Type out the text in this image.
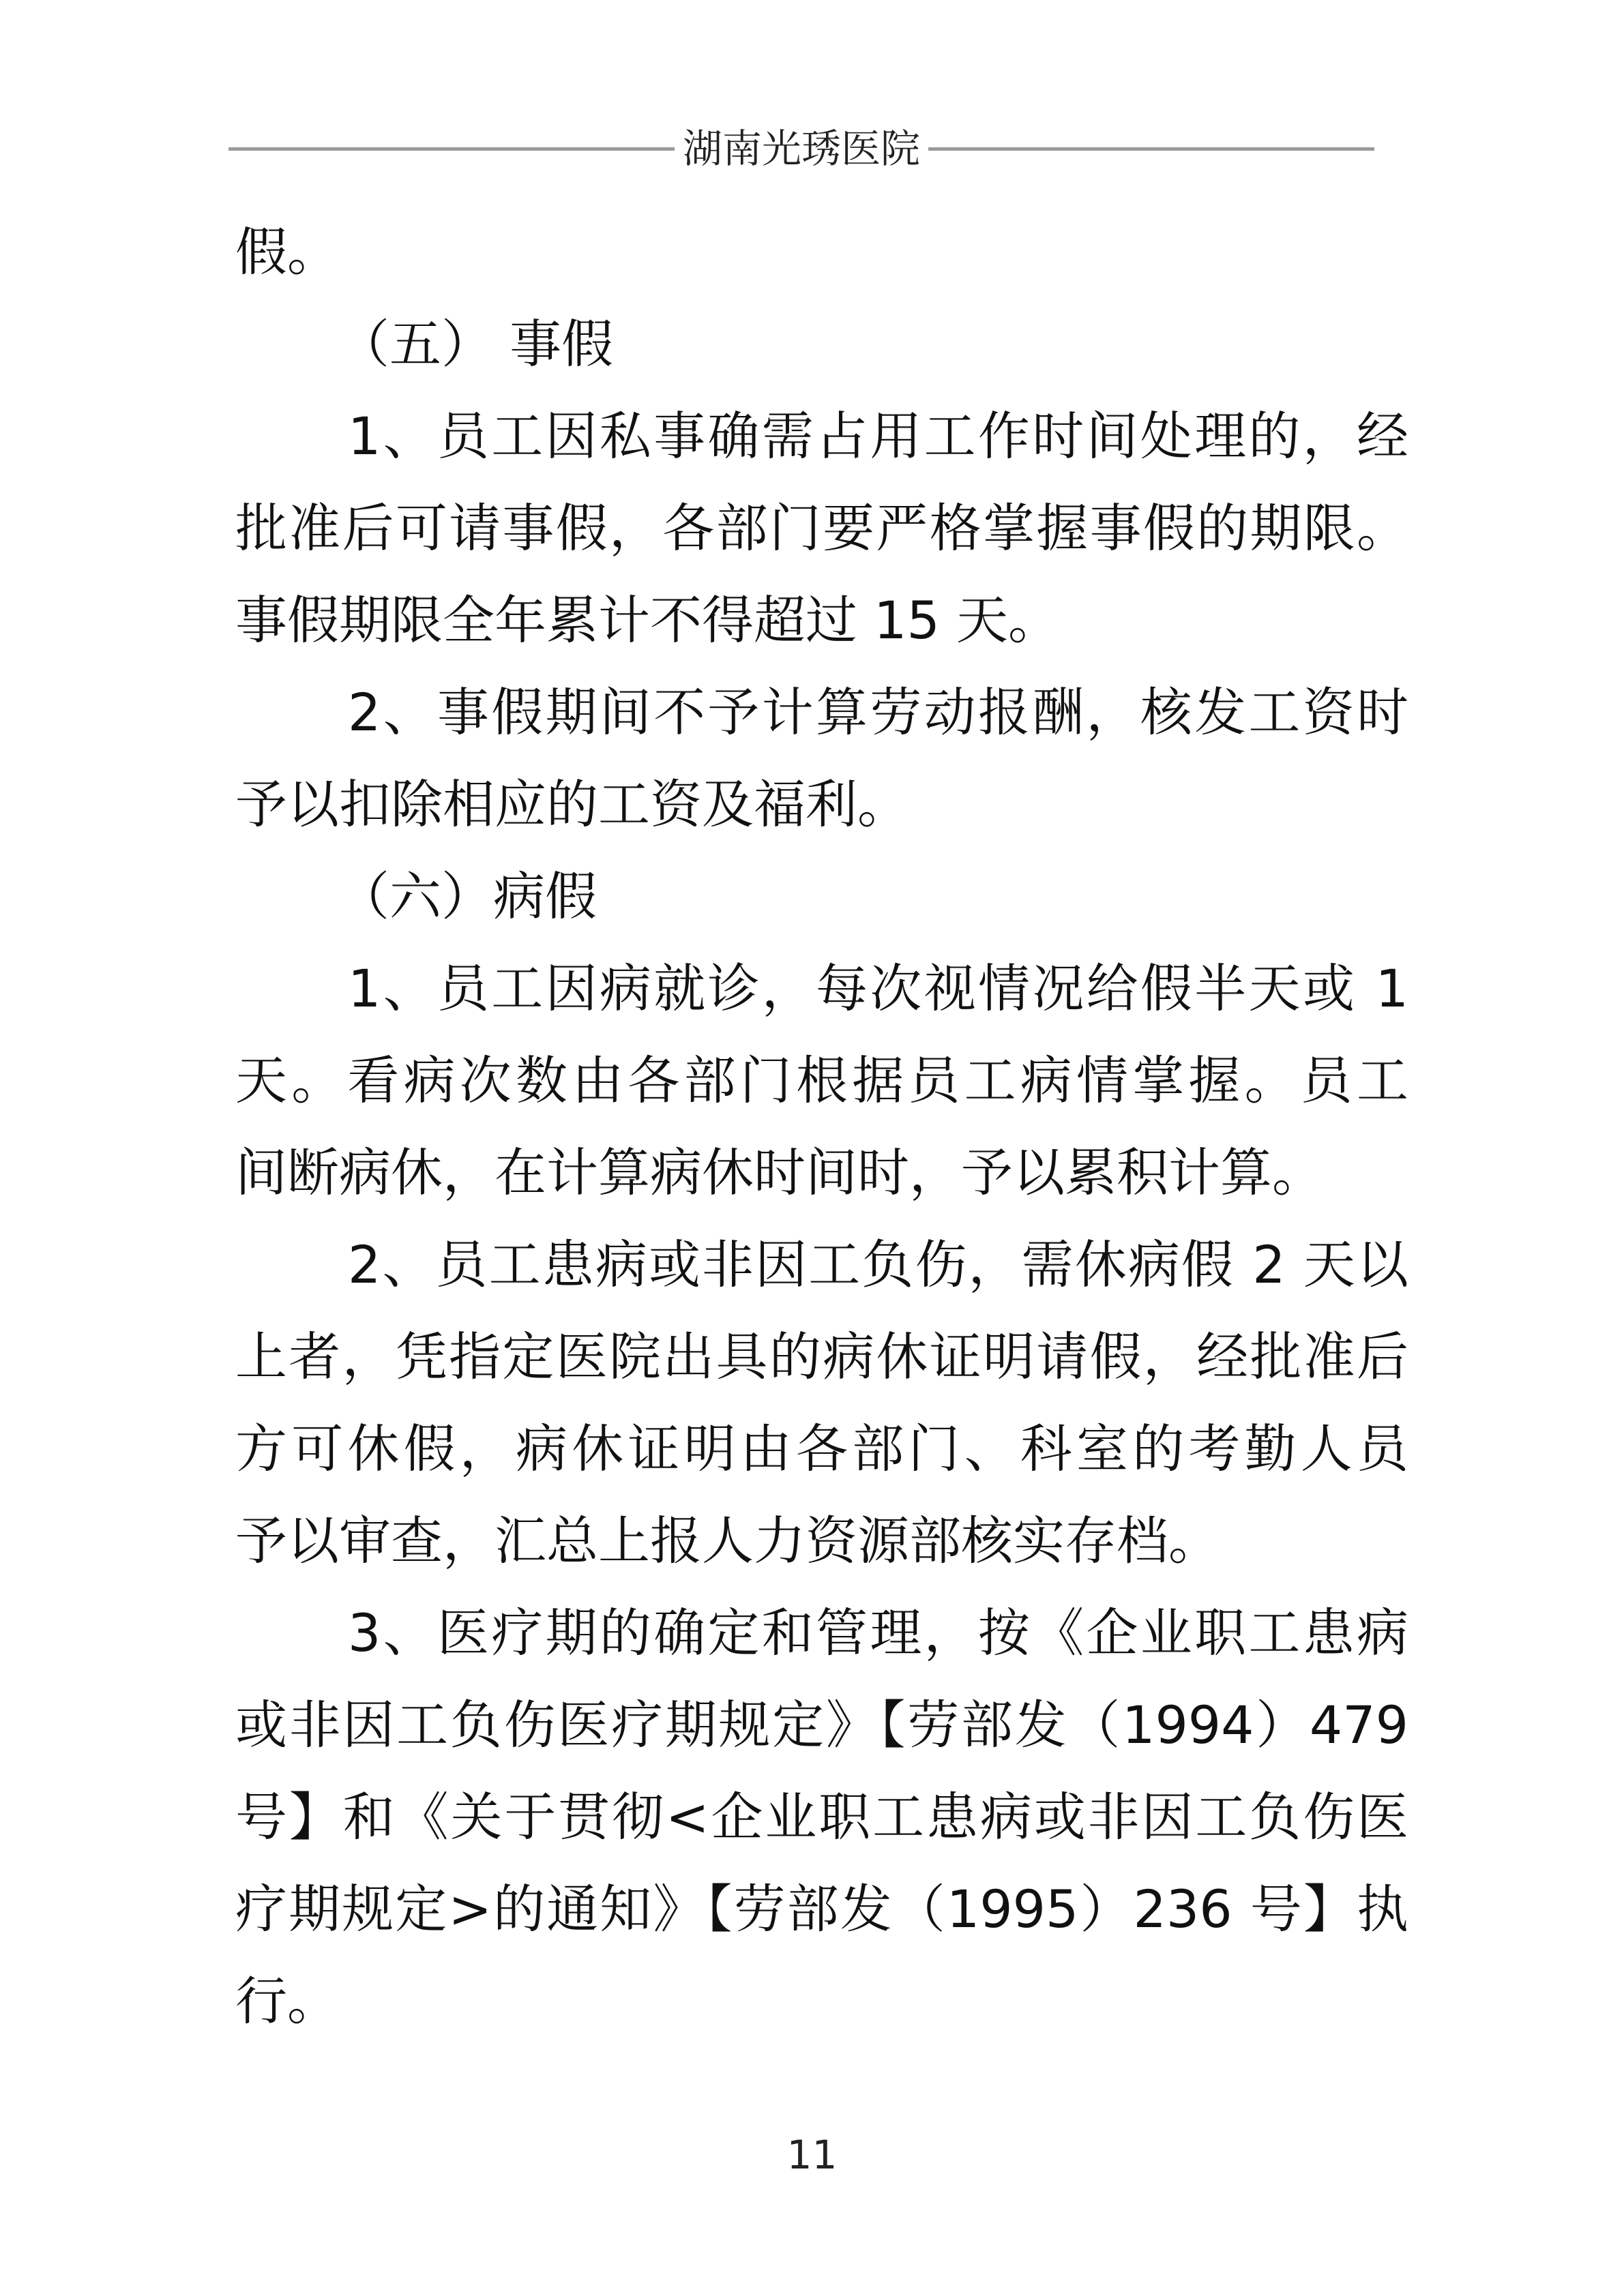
湖南光琇医院
假。
（五） 事假
1、员工因私事确需占用工作时间处理的，经
批准后可请事假，各部门要严格掌握事假的期限。
事假期限全年累计不得超过 15 天。
2、事假期间不予计算劳动报酬，核发工资时
予以扣除相应的工资及福利。
（六）病假
1、员工因病就诊，每次视情况给假半天或 1
天。看病次数由各部门根据员工病情掌握。员工
间断病休，在计算病休时间时，予以累积计算。
2、员工患病或非因工负伤，需休病假 2 天以
上者，凭指定医院出具的病休证明请假，经批准后
方可休假，病休证明由各部门、科室的考勤人员
予以审查，汇总上报人力资源部核实存档。
3、医疗期的确定和管理，按《企业职工患病
或非因工负伤医疗期规定》【劳部发（1994）479
号】和《关于贯彻<企业职工患病或非因工负伤医
疗期规定>的通知》【劳部发（1995）236 号】执
行。
11
